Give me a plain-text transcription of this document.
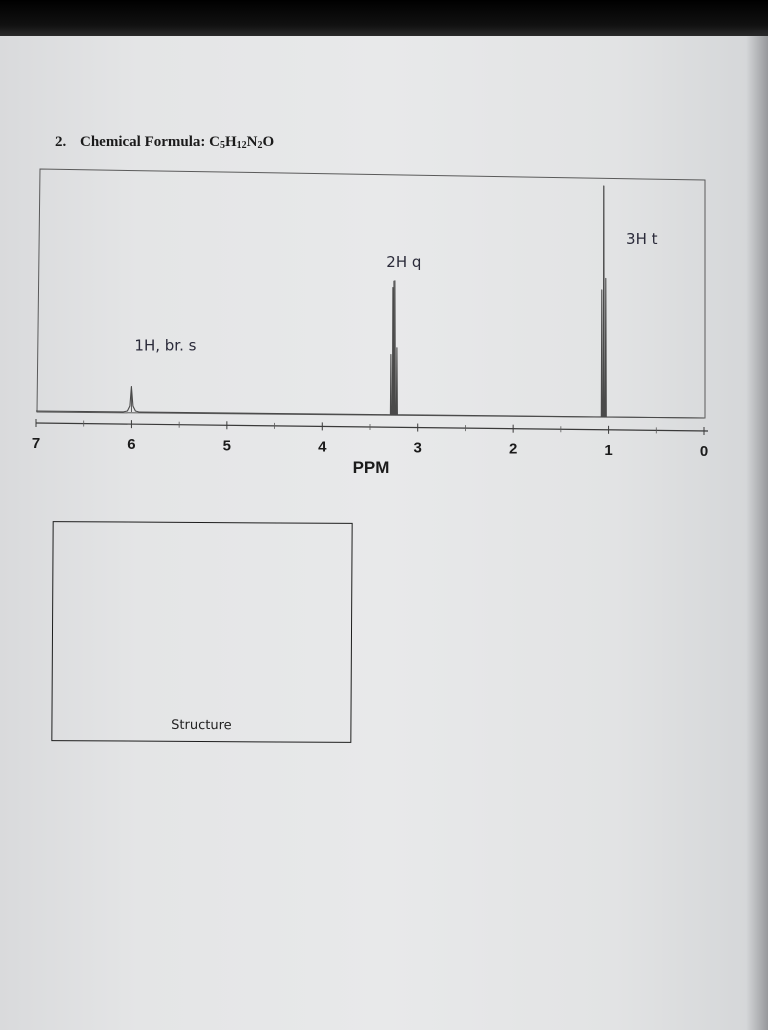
2. Chemical Formula: $C_5H_{12}N_2O$
7	6	5	4	3	2	1	0
PPM
1H, br. s
2H q
3H t
Structure
